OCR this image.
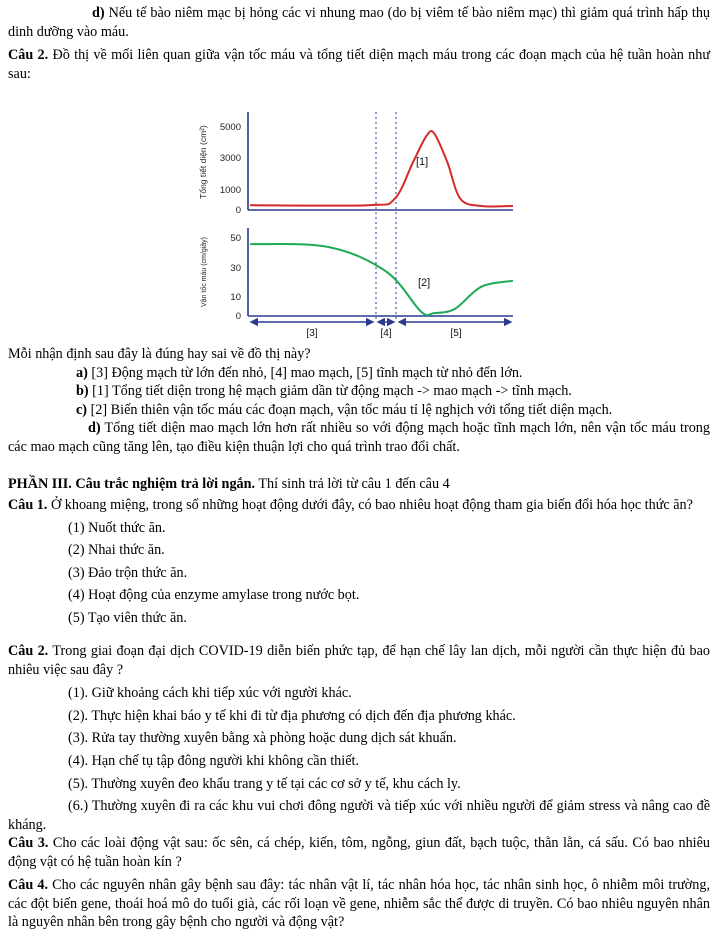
d) Nếu tế bào niêm mạc bị hỏng các vi nhung mao (do bị viêm tế bào niêm mạc) thì giảm quá trình hấp thụ dinh dưỡng vào máu.

Câu 2. Đồ thị về mối liên quan giữa vận tốc máu và tổng tiết diện mạch máu trong các đoạn mạch của hệ tuần hoàn như sau:

Tổng tiết diện (cm²)
Vận tốc máu (cm/giây)
5000
3000
1000
0
50
30
10
0
[1]
[2]
[3]	[4]	[5]

Mỗi nhận định sau đây là đúng hay sai về đồ thị này?

a) [3] Động mạch từ lớn đến nhỏ, [4] mao mạch, [5] tĩnh mạch từ nhỏ đến lớn.

b) [1] Tổng tiết diện trong hệ mạch giảm dần từ động mạch -> mao mạch -> tĩnh mạch.

c) [2] Biến thiên vận tốc máu các đoạn mạch, vận tốc máu tỉ lệ nghịch với tổng tiết diện mạch.

d) Tổng tiết diện mao mạch lớn hơn rất nhiều so với động mạch hoặc tĩnh mạch lớn, nên vận tốc máu trong các mao mạch cũng tăng lên, tạo điều kiện thuận lợi cho quá trình trao đổi chất.

PHẦN III. Câu trắc nghiệm trả lời ngắn. Thí sinh trả lời từ câu 1 đến câu 4

Câu 1. Ở khoang miệng, trong số những hoạt động dưới đây, có bao nhiêu hoạt động tham gia biến đổi hóa học thức ăn?

(1) Nuốt thức ăn.

(2) Nhai thức ăn.

(3) Đảo trộn thức ăn.

(4) Hoạt động của enzyme amylase trong nước bọt.

(5) Tạo viên thức ăn.

Câu 2. Trong giai đoạn đại dịch COVID-19 diễn biến phức tạp, để hạn chế lây lan dịch, mỗi người cần thực hiện đủ bao nhiêu việc sau đây ?

(1). Giữ khoảng cách khi tiếp xúc với người khác.

(2). Thực hiện khai báo y tế khi đi từ địa phương có dịch đến địa phương khác.

(3). Rửa tay thường xuyên bằng xà phòng hoặc dung dịch sát khuẩn.

(4). Hạn chế tụ tập đông người khi không cần thiết.

(5). Thường xuyên đeo khẩu trang y tế tại các cơ sở y tế, khu cách ly.

(6.) Thường xuyên đi ra các khu vui chơi đông người và tiếp xúc với nhiều người để giảm stress và nâng cao đề kháng.

Câu 3. Cho các loài động vật sau: ốc sên, cá chép, kiến, tôm, ngỗng, giun đất, bạch tuộc, thằn lằn, cá sấu. Có bao nhiêu động vật có hệ tuần hoàn kín ?

Câu 4. Cho các nguyên nhân gây bệnh sau đây: tác nhân vật lí, tác nhân hóa học, tác nhân sinh học, ô nhiễm môi trường, các đột biến gene, thoái hoá mô do tuổi già, các rối loạn về gene, nhiễm sắc thể được di truyền. Có bao nhiêu nguyên nhân là nguyên nhân bên trong gây bệnh cho người và động vật?
